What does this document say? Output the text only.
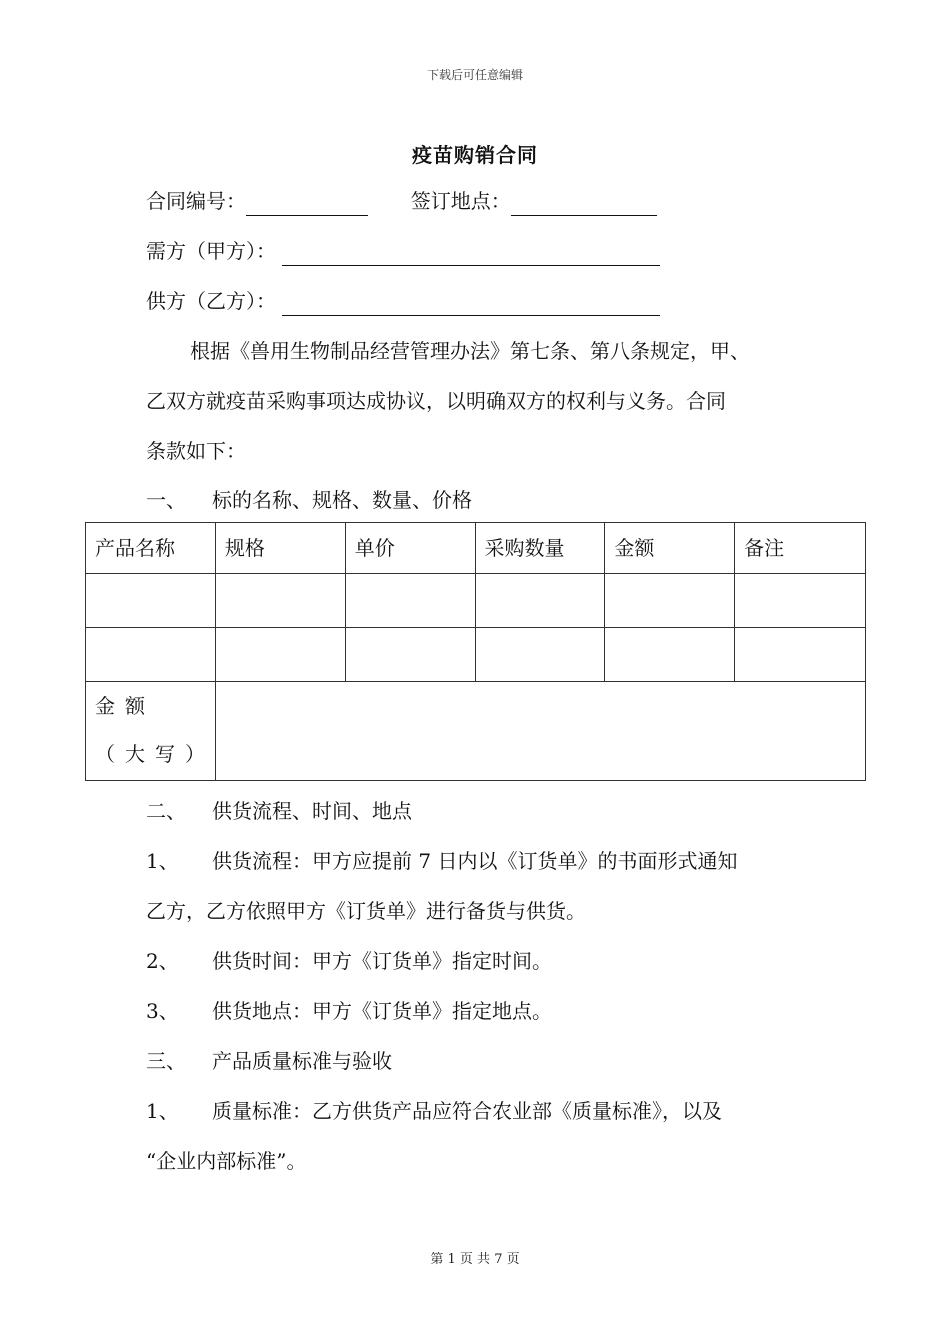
下载后可任意编辑
疫苗购销合同
合同编号：	签订地点：
需方（甲方）：
供方（乙方）：
根据《兽用生物制品经营管理办法》第七条、第八条规定，甲、
乙双方就疫苗采购事项达成协议，以明确双方的权利与义务。合同
条款如下：
一、 标的名称、规格、数量、价格
产品名称	规格	单价	采购数量	金额	备注

金额（大写）					
二、 供货流程、时间、地点
1、 供货流程：甲方应提前 7 日内以《订货单》的书面形式通知
乙方，乙方依照甲方《订货单》进行备货与供货。
2、 供货时间：甲方《订货单》指定时间。
3、 供货地点：甲方《订货单》指定地点。
三、 产品质量标准与验收
1、 质量标准：乙方供货产品应符合农业部《质量标准》，以及
“企业内部标准”。
第 1 页 共 7 页
